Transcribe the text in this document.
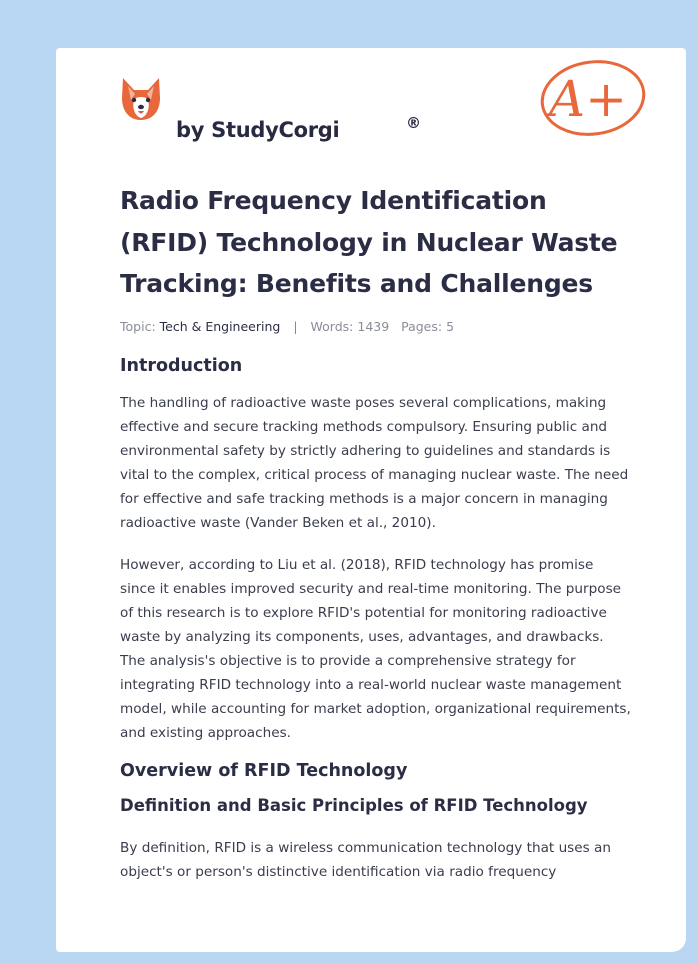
by StudyCorgi	®	A+
Radio Frequency Identification (RFID) Technology in Nuclear Waste Tracking: Benefits and Challenges
Topic: Tech & Engineering | Words: 1439 Pages: 5
Introduction

The handling of radioactive waste poses several complications, making effective and secure tracking methods compulsory. Ensuring public and environmental safety by strictly adhering to guidelines and standards is vital to the complex, critical process of managing nuclear waste. The need for effective and safe tracking methods is a major concern in managing radioactive waste (Vander Beken et al., 2010).

However, according to Liu et al. (2018), RFID technology has promise since it enables improved security and real-time monitoring. The purpose of this research is to explore RFID's potential for monitoring radioactive waste by analyzing its components, uses, advantages, and drawbacks. The analysis's objective is to provide a comprehensive strategy for integrating RFID technology into a real-world nuclear waste management model, while accounting for market adoption, organizational requirements, and existing approaches.

Overview of RFID Technology
Definition and Basic Principles of RFID Technology

By definition, RFID is a wireless communication technology that uses an object's or person's distinctive identification via radio frequency
